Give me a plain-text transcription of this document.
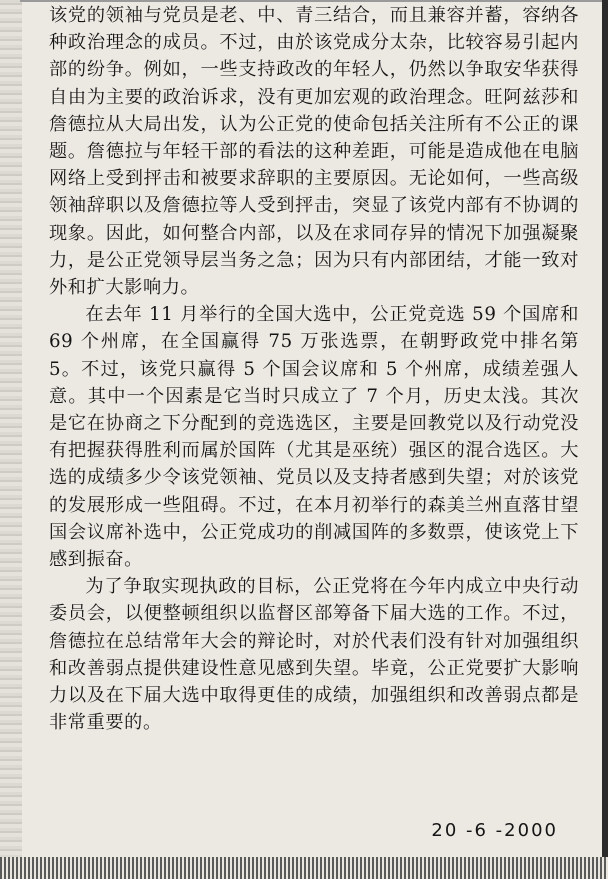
该党的领袖与党员是老、中、青三结合，而且兼容并蓄，容纳各种政治理念的成员。不过，由於该党成分太杂，比较容易引起内部的纷争。例如，一些支持政改的年轻人，仍然以争取安华获得自由为主要的政治诉求，没有更加宏观的政治理念。旺阿兹莎和詹德拉从大局出发，认为公正党的使命包括关注所有不公正的课题。詹德拉与年轻干部的看法的这种差距，可能是造成他在电脑网络上受到抨击和被要求辞职的主要原因。无论如何，一些高级领袖辞职以及詹德拉等人受到抨击，突显了该党内部有不协调的现象。因此，如何整合内部，以及在求同存异的情况下加强凝聚力，是公正党领导层当务之急；因为只有内部团结，才能一致对外和扩大影响力。

在去年 11 月举行的全国大选中，公正党竞选 59 个国席和 69 个州席，在全国赢得 75 万张选票，在朝野政党中排名第 5。不过，该党只赢得 5 个国会议席和 5 个州席，成绩差强人意。其中一个因素是它当时只成立了 7 个月，历史太浅。其次是它在协商之下分配到的竞选选区，主要是回教党以及行动党没有把握获得胜利而属於国阵（尤其是巫统）强区的混合选区。大选的成绩多少令该党领袖、党员以及支持者感到失望；对於该党的发展形成一些阻碍。不过，在本月初举行的森美兰州直落甘望国会议席补选中，公正党成功的削减国阵的多数票，使该党上下感到振奋。

为了争取实现执政的目标，公正党将在今年内成立中央行动委员会，以便整顿组织以监督区部筹备下届大选的工作。不过，詹德拉在总结常年大会的辩论时，对於代表们没有针对加强组织和改善弱点提供建设性意见感到失望。毕竟，公正党要扩大影响力以及在下届大选中取得更佳的成绩，加强组织和改善弱点都是非常重要的。

20 -6 -2000
